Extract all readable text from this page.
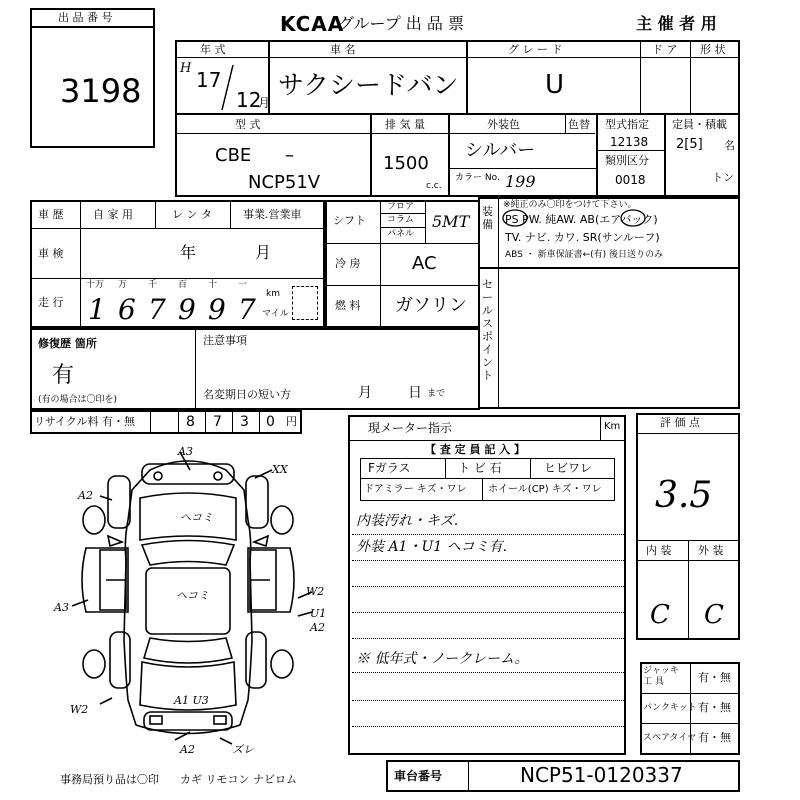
出 品 番 号
3198
KCAA
グループ 出 品 票	主 催 者 用
年 式
H 17
12
月
車 名
サクシードバン
グ レ ー ド
U
ド ア 形 状
型 式
CBE –
NCP51V
排 気 量
1500
c.c.
外装色	色替
シルバー
カラー No. 199
型式指定
12138
類別区分
0018
定員・積載
2[5] 名
トン
車 歴	自 家 用	レ ン タ	事業.営業車
車 検	年	月
走 行
十万 万 千 百 十 一
1 6 7 9 9 7 km
マイル
シフト
フロア
コラム
パネル
5MT
冷 房	AC
燃 料 ガソリン
装 備
※純正のみ〇印をつけて下さい。
PS PW. 純AW. AB(エアバック)
TV. ナビ. カワ. SR(サンルーフ)
ABS ・ 新車保証書←(有) 後日送りのみ
セールスポイント
修復歴 箇所
有
(有の場合は〇印を)
注意事項
名変期日の短い方	月	日 まで
リサイクル料 有・無	8 7 3 0 円	現メーター指示	Km
【 査 定 員 記 入 】
Fガラス	ト ビ 石	ヒビワレ
ドアミラー キズ・ワレ ホイール(CP) キズ・ワレ
内装汚れ・キズ.
外装 A1・U1 ヘコミ有.
※ 低年式・ノークレーム。
評 価 点
3.5
内 装 外 装
C C
ジャッキ 工 具	有・無
パンクキット 有・無
スペアタイヤ 有・無
車台番号	NCP51-0120337
事務局預り品は〇印 カギ リモコン ナビロム
A3
XX
A2
ヘコミ
ヘコミ
A3
W2
U1
A2
W2
A1 U3
A2	ズレ
